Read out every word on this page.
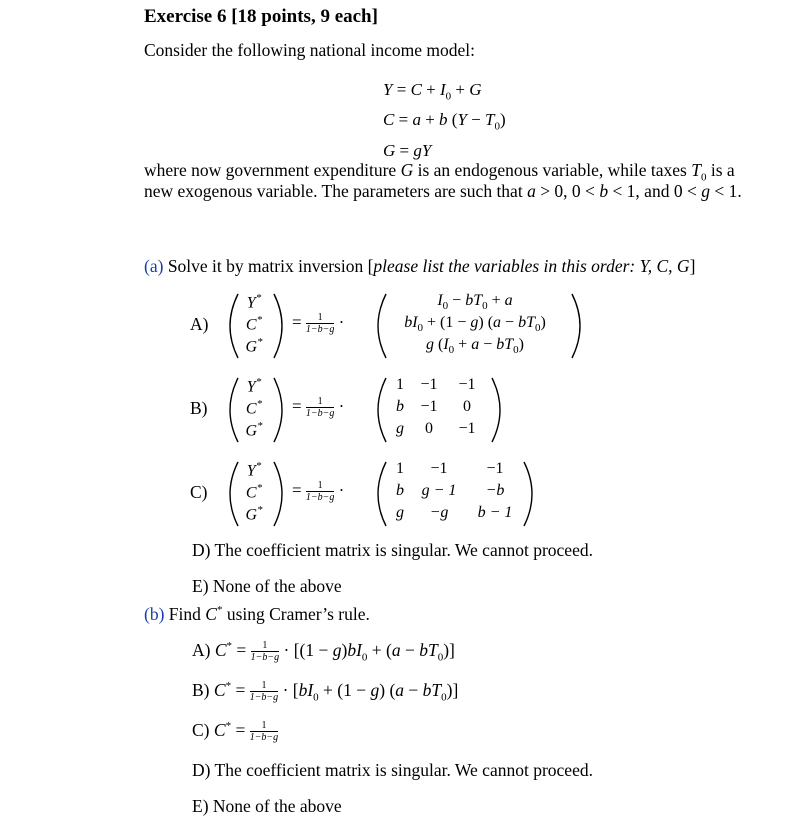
Exercise 6 [18 points, 9 each]
Consider the following national income model:
$Y = C + I_0 + G$
C = a + b $(Y - T_0)$
G = gY
where now government expenditure G is an endogenous variable, while taxes $T_0$ is a
new exogenous variable. The parameters are such that a > 0, 0 < b < 1, and 0 < g < 1.
(a) Solve it by matrix inversion [please list the variables in this order: Y, C, G]
A)
Y*
C*
G*
= $\frac{1}{1-b-g}$ ·
$I_0 - bT_0 + a$
$bI_0 + (1 - g) (a - bT_0)$
g $(I_0 + a - bT_0)$
B)
Y*
C*
G*
= $\frac{1}{1-b-g}$ ·
1	−1	−1
b	−1	0
g	0	−1
C)
Y*
C*
G*
= $\frac{1}{1-b-g}$ ·
1	−1	−1
b	g − 1	−b
g	−g	b − 1
D) The coefficient matrix is singular. We cannot proceed.
E) None of the above
(b) Find C* using Cramer’s rule.
A) $C^* = \frac{1}{1-b-g} \cdot [(1 - g)bI_0 + (a - bT_0)]$
B) $C^* = \frac{1}{1-b-g} \cdot [bI_0 + (1 - g) (a - bT_0)]$
C) $C^* = \frac{1}{1-b-g}$
D) The coefficient matrix is singular. We cannot proceed.
E) None of the above
